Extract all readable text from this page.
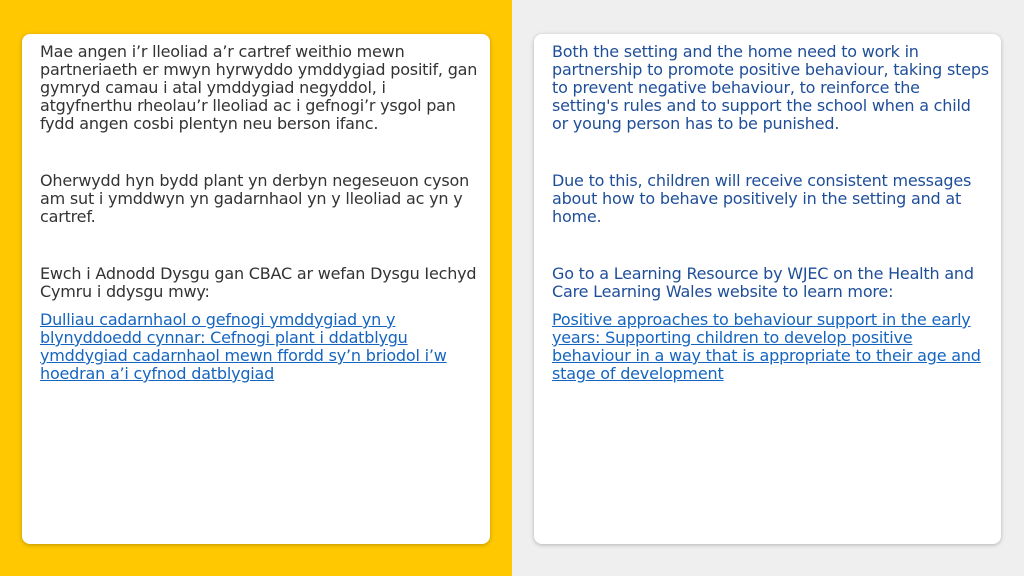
Mae angen i’r lleoliad a’r cartref weithio mewn partneriaeth er mwyn hyrwyddo ymddygiad positif, gan gymryd camau i atal ymddygiad negyddol, i atgyfnerthu rheolau’r lleoliad ac i gefnogi’r ysgol pan fydd angen cosbi plentyn neu berson ifanc.

Oherwydd hyn bydd plant yn derbyn negeseuon cyson am sut i ymddwyn yn gadarnhaol yn y lleoliad ac yn y cartref.

Ewch i Adnodd Dysgu gan CBAC ar wefan Dysgu Iechyd Cymru i ddysgu mwy:

Dulliau cadarnhaol o gefnogi ymddygiad yn y blynyddoedd cynnar: Cefnogi plant i ddatblygu ymddygiad cadarnhaol mewn ffordd sy’n briodol i’w hoedran a’i cyfnod datblygiad

Both the setting and the home need to work in partnership to promote positive behaviour, taking steps to prevent negative behaviour, to reinforce the setting's rules and to support the school when a child or young person has to be punished.

Due to this, children will receive consistent messages about how to behave positively in the setting and at home.

Go to a Learning Resource by WJEC on the Health and Care Learning Wales website to learn more:

Positive approaches to behaviour support in the early years: Supporting children to develop positive behaviour in a way that is appropriate to their age and stage of development
